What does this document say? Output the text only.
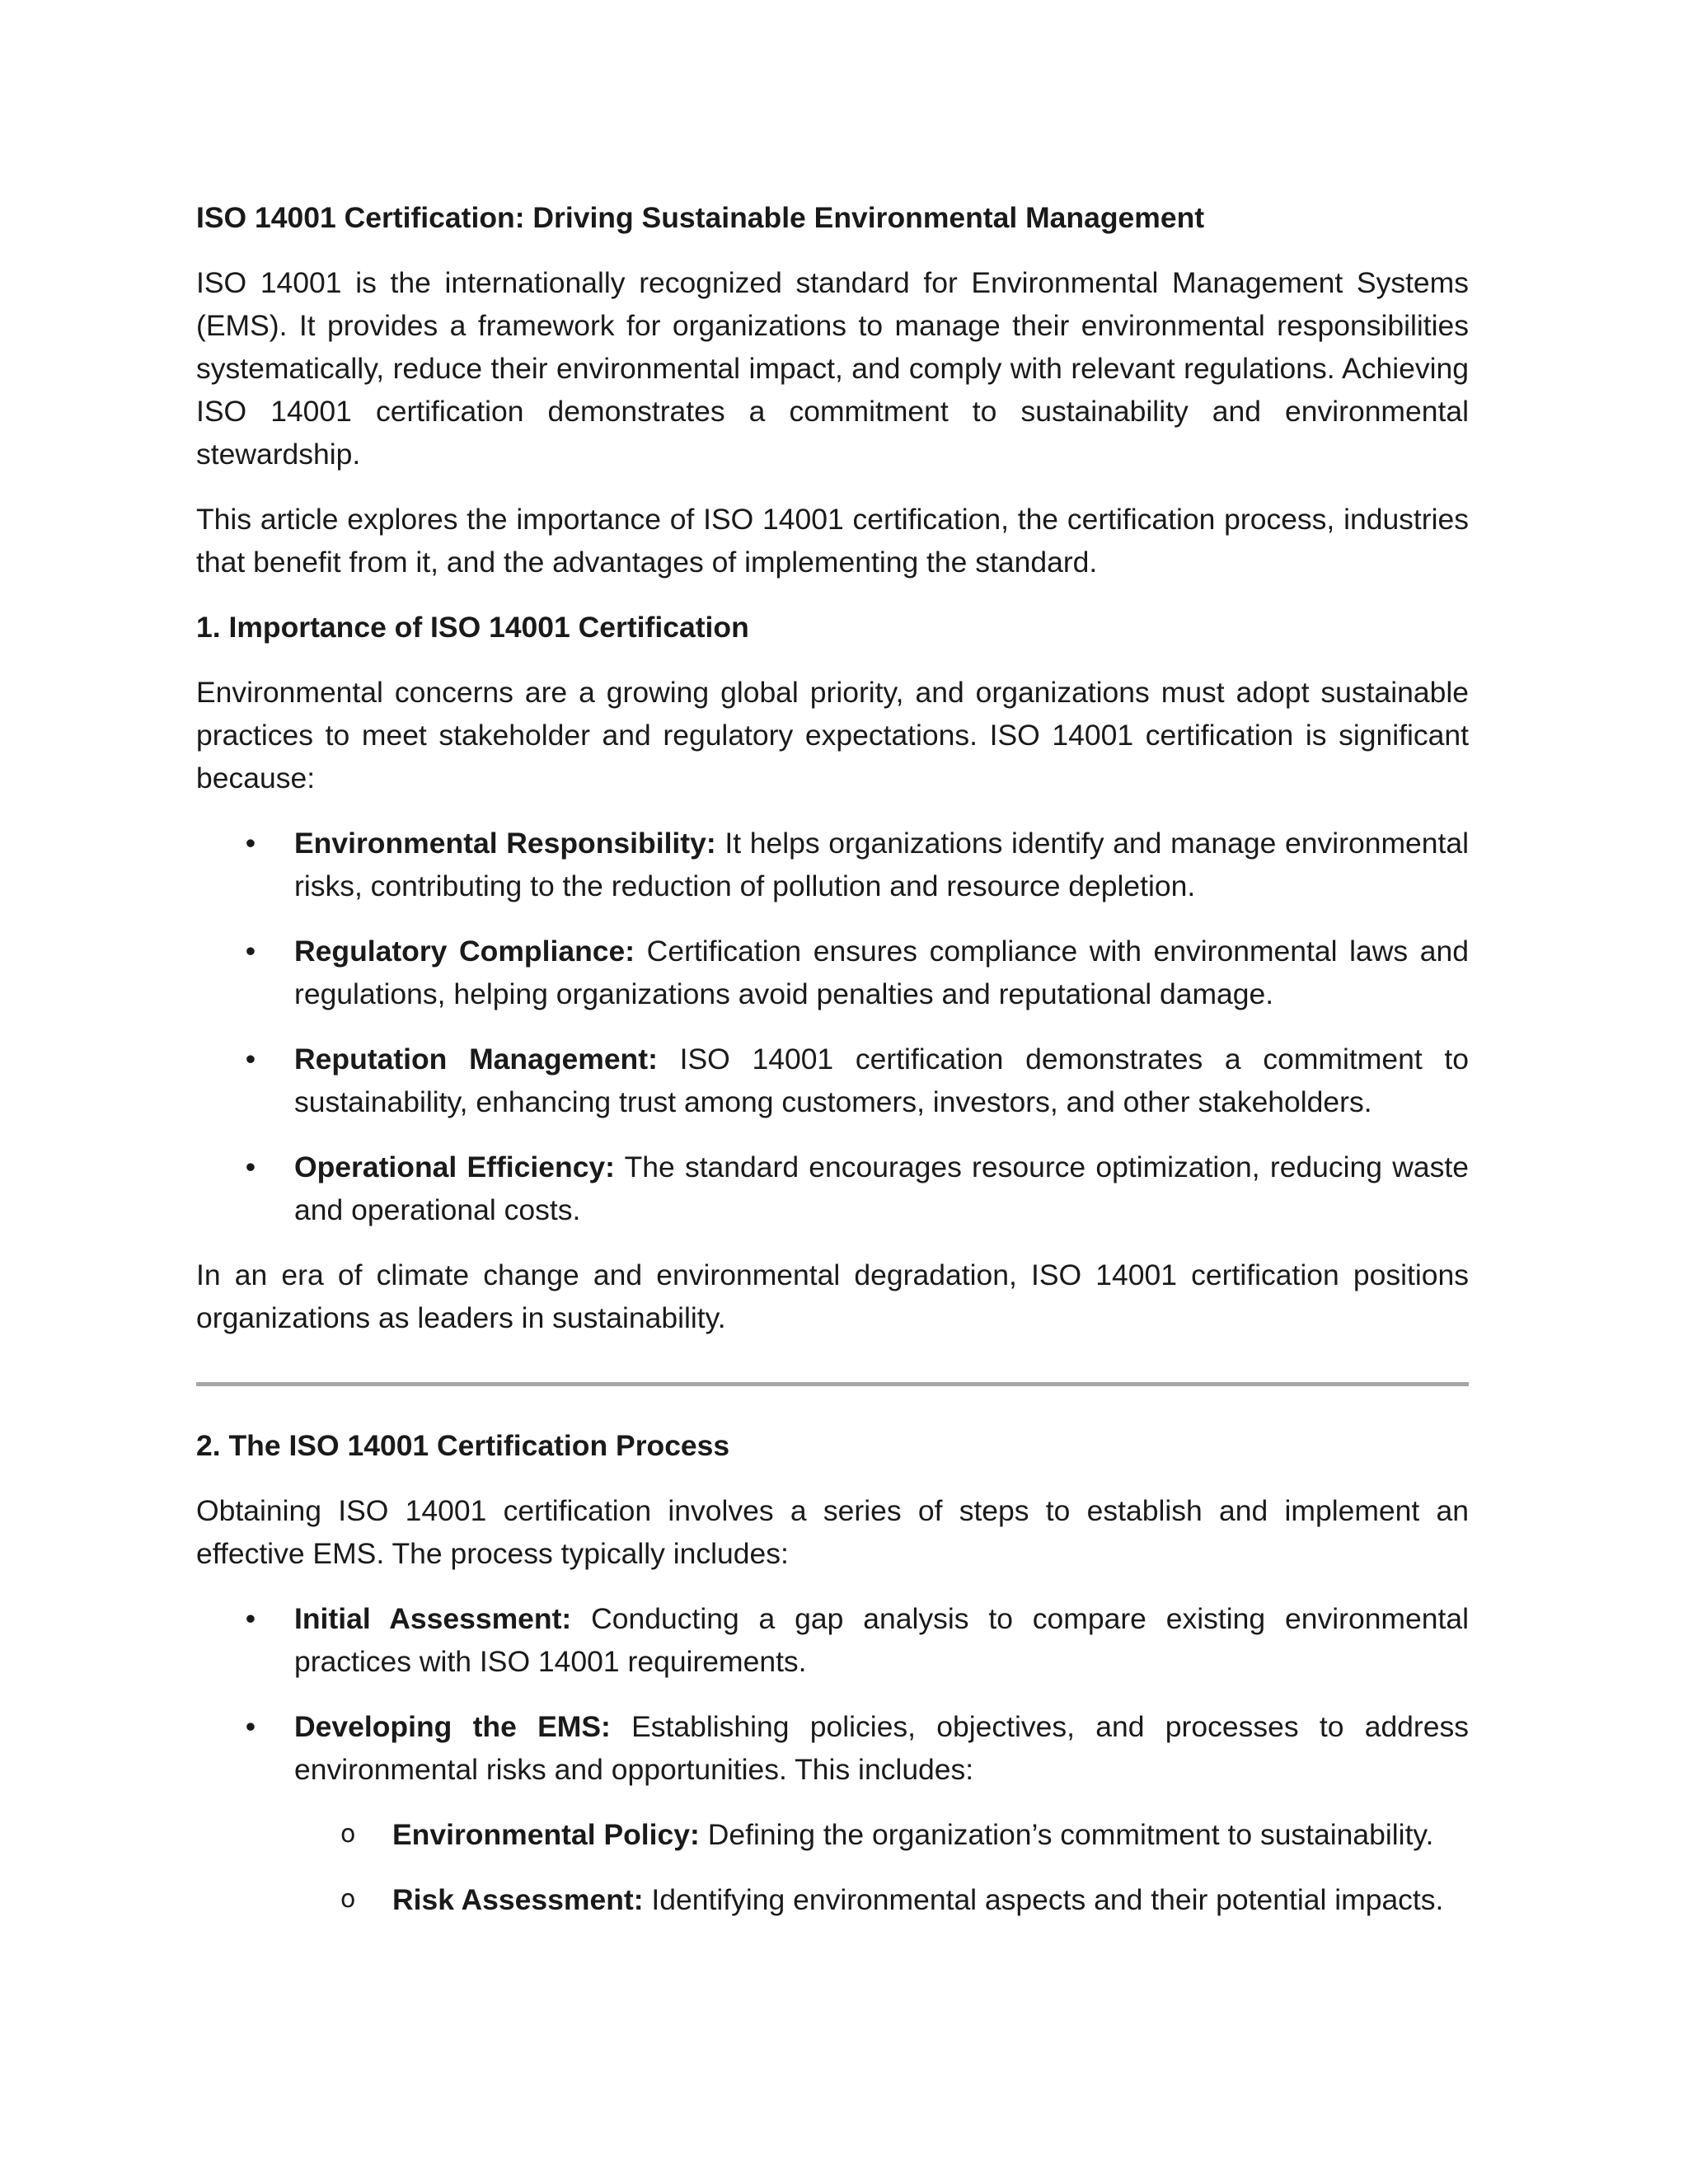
ISO 14001 Certification: Driving Sustainable Environmental Management

ISO 14001 is the internationally recognized standard for Environmental Management Systems (EMS). It provides a framework for organizations to manage their environmental responsibilities systematically, reduce their environmental impact, and comply with relevant regulations. Achieving ISO 14001 certification demonstrates a commitment to sustainability and environmental stewardship.

This article explores the importance of ISO 14001 certification, the certification process, industries that benefit from it, and the advantages of implementing the standard.

1. Importance of ISO 14001 Certification

Environmental concerns are a growing global priority, and organizations must adopt sustainable practices to meet stakeholder and regulatory expectations. ISO 14001 certification is significant because:

• Environmental Responsibility: It helps organizations identify and manage environmental risks, contributing to the reduction of pollution and resource depletion.
• Regulatory Compliance: Certification ensures compliance with environmental laws and regulations, helping organizations avoid penalties and reputational damage.
• Reputation Management: ISO 14001 certification demonstrates a commitment to sustainability, enhancing trust among customers, investors, and other stakeholders.
• Operational Efficiency: The standard encourages resource optimization, reducing waste and operational costs.

In an era of climate change and environmental degradation, ISO 14001 certification positions organizations as leaders in sustainability.

2. The ISO 14001 Certification Process

Obtaining ISO 14001 certification involves a series of steps to establish and implement an effective EMS. The process typically includes:

• Initial Assessment: Conducting a gap analysis to compare existing environmental practices with ISO 14001 requirements.
• Developing the EMS: Establishing policies, objectives, and processes to address environmental risks and opportunities. This includes:
o Environmental Policy: Defining the organization’s commitment to sustainability.
o Risk Assessment: Identifying environmental aspects and their potential impacts.
